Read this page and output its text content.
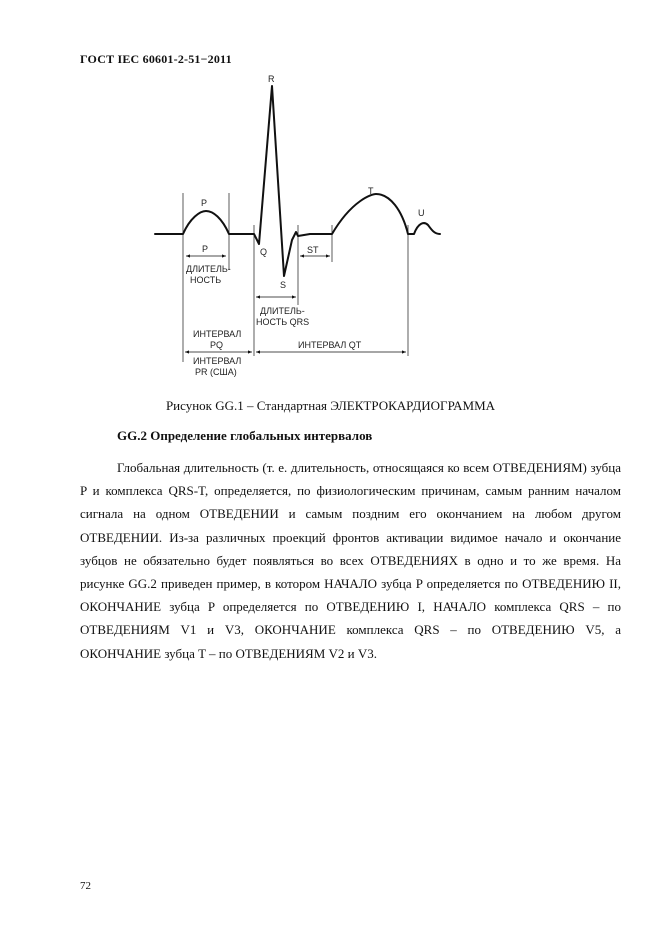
ГОСТ IEC 60601-2-51−2011
P
R
Q
S
T
U
P
ДЛИТЕЛЬ-
НОСТЬ
ST
ДЛИТЕЛЬ-
НОСТЬ QRS
ИНТЕРВАЛ
PQ	ИНТЕРВАЛ QT
ИНТЕРВАЛ
PR (США)
Рисунок GG.1 – Стандартная ЭЛЕКТРОКАРДИОГРАММА
GG.2 Определение глобальных интервалов
Глобальная длительность (т. е. длительность, относящаяся ко всем ОТВЕДЕНИЯМ) зубца P и комплекса QRS-T, определяется, по физиологическим причинам, самым ранним началом сигнала на одном ОТВЕДЕНИИ и самым поздним его окончанием на любом другом ОТВЕДЕНИИ. Из-за различных проекций фронтов активации видимое начало и окончание зубцов не обязательно будет появляться во всех ОТВЕДЕНИЯХ в одно и то же время. На рисунке GG.2 приведен пример, в котором НАЧАЛО зубца P определяется по ОТВЕДЕНИЮ II, ОКОНЧАНИЕ зубца P определяется по ОТВЕДЕНИЮ I, НАЧАЛО комплекса QRS – по ОТВЕДЕНИЯМ V1 и V3, ОКОНЧАНИЕ комплекса QRS – по ОТВЕДЕНИЮ V5, а ОКОНЧАНИЕ зубца T – по ОТВЕДЕНИЯМ V2 и V3.
72
